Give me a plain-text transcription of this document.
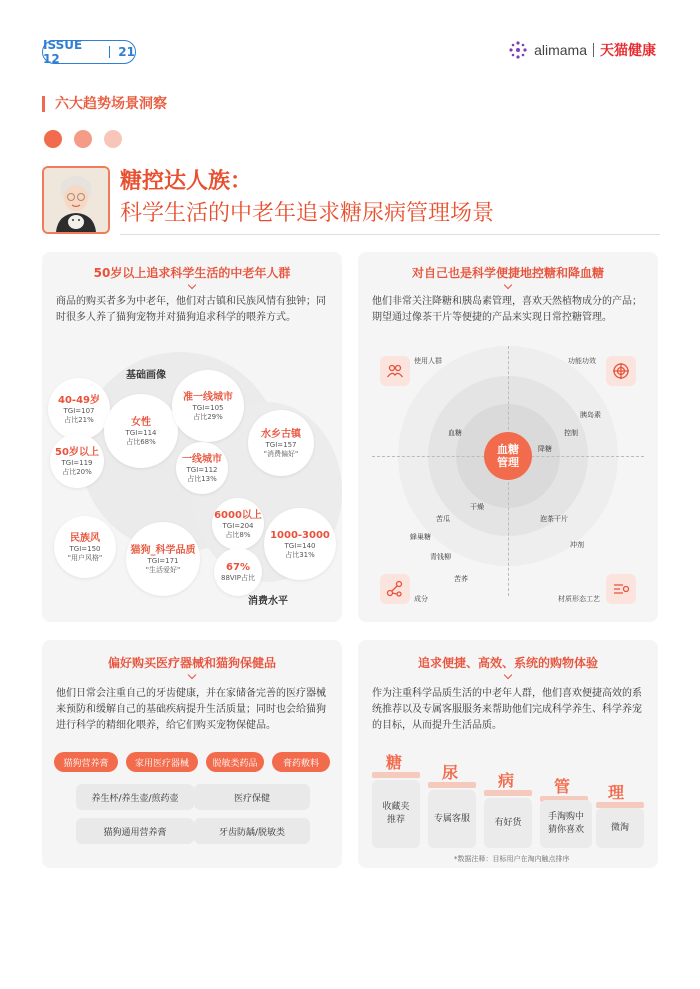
ISSUE 12	21	alimama 天猫健康
六大趋势场景洞察
糖控达人族：
科学生活的中老年追求糖尿病管理场景
50岁以上追求科学生活的中老年人群
商品的购买者多为中老年，他们对古镇和民族风情有独钟；同时很多人养了猫狗宠物并对猫狗追求科学的喂养方式。
基础画像
消费水平
40-49岁
TGI=107
占比21%	女性
TGI=114
占比68%
准一线城市
TGI=105
占比29%
水乡古镇
TGI=157
"消费偏好"
50岁以上
TGI=119
占比20%
一线城市
TGI=112
占比13%
6000以上
TGI=204
占比8% 1000-3000
TGI=140
占比31%
民族风
TGI=150
"用户风格"
猫狗_科学品质
TGI=171
"生活爱好"	67%
88VIP占比
对自己也是科学便捷地控糖和降血糖
他们非常关注降糖和胰岛素管理，喜欢天然植物成分的产品；期望通过像茶干片等便捷的产品来实现日常控糖管理。
血糖管理
使用人群	功能功效
成分	材质形态工艺
胰岛素
控制
血糖
降糖
干燥
泡茶干片
苦瓜
冲剂
蜂巢糖
青钱柳
苦荞
偏好购买医疗器械和猫狗保健品
他们日常会注重自己的牙齿健康，并在家储备完善的医疗器械来预防和缓解自己的基础疾病提升生活质量；同时也会给猫狗进行科学的精细化喂养，给它们购买宠物保健品。
猫狗营养膏	家用医疗器械	脱敏类药品	膏药敷料
养生杯/养生壶/煎药壶	医疗保健
猫狗通用营养膏	牙齿防龋/脱敏类
追求便捷、高效、系统的购物体验
作为注重科学品质生活的中老年人群，他们喜欢便捷高效的系统推荐以及专属客服服务来帮助他们完成科学养生、科学养宠的目标，从而提升生活品质。
糖
收藏夹推荐
尿
专属客服
病
有好货
管
手淘购中猜你喜欢
理
微淘
*数据注释：目标用户在淘内触点排序
